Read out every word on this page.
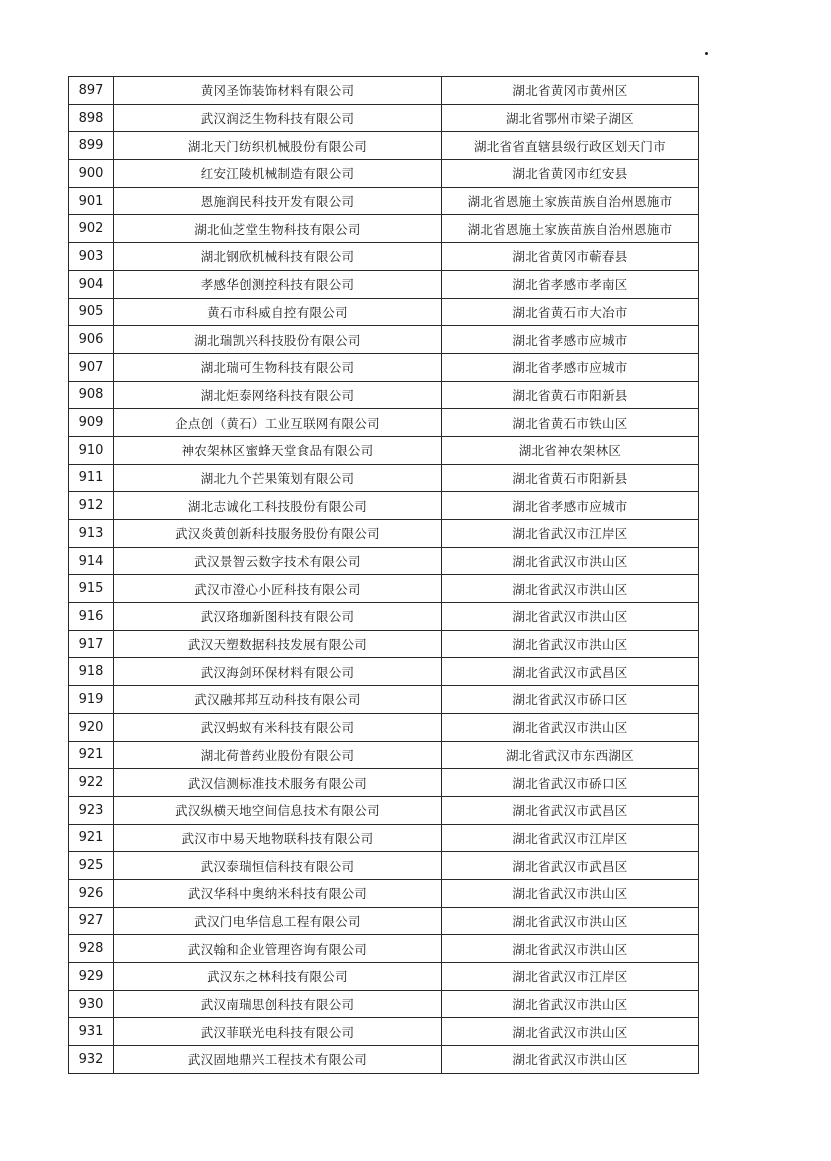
897	黄冈圣饰装饰材料有限公司	湖北省黄冈市黄州区
898	武汉润泛生物科技有限公司	湖北省鄂州市梁子湖区
899	湖北天门纺织机械股份有限公司	湖北省省直辖县级行政区划天门市
900	红安江陵机械制造有限公司	湖北省黄冈市红安县
901	恩施润民科技开发有限公司	湖北省恩施土家族苗族自治州恩施市
902	湖北仙芝堂生物科技有限公司	湖北省恩施土家族苗族自治州恩施市
903	湖北钢欣机械科技有限公司	湖北省黄冈市蕲春县
904	孝感华创测控科技有限公司	湖北省孝感市孝南区
905	黄石市科威自控有限公司	湖北省黄石市大冶市
906	湖北瑞凯兴科技股份有限公司	湖北省孝感市应城市
907	湖北瑞可生物科技有限公司	湖北省孝感市应城市
908	湖北炬泰网络科技有限公司	湖北省黄石市阳新县
909	企点创（黄石）工业互联网有限公司	湖北省黄石市铁山区
910	神农架林区蜜蜂天堂食品有限公司	湖北省神农架林区
911	湖北九个芒果策划有限公司	湖北省黄石市阳新县
912	湖北志诚化工科技股份有限公司	湖北省孝感市应城市
913	武汉炎黄创新科技服务股份有限公司	湖北省武汉市江岸区
914	武汉景智云数字技术有限公司	湖北省武汉市洪山区
915	武汉市澄心小匠科技有限公司	湖北省武汉市洪山区
916	武汉珞珈新图科技有限公司	湖北省武汉市洪山区
917	武汉天塑数据科技发展有限公司	湖北省武汉市洪山区
918	武汉海剑环保材料有限公司	湖北省武汉市武昌区
919	武汉融邦邦互动科技有限公司	湖北省武汉市硚口区
920	武汉蚂蚁有米科技有限公司	湖北省武汉市洪山区
921	湖北荷普药业股份有限公司	湖北省武汉市东西湖区
922	武汉信测标准技术服务有限公司	湖北省武汉市硚口区
923	武汉纵横天地空间信息技术有限公司	湖北省武汉市武昌区
921	武汉市中易天地物联科技有限公司	湖北省武汉市江岸区
925	武汉泰瑞恒信科技有限公司	湖北省武汉市武昌区
926	武汉华科中奥纳米科技有限公司	湖北省武汉市洪山区
927	武汉门电华信息工程有限公司	湖北省武汉市洪山区
928	武汉翰和企业管理咨询有限公司	湖北省武汉市洪山区
929	武汉东之林科技有限公司	湖北省武汉市江岸区
930	武汉南瑞思创科技有限公司	湖北省武汉市洪山区
931	武汉菲联光电科技有限公司	湖北省武汉市洪山区
932	武汉固地鼎兴工程技术有限公司	湖北省武汉市洪山区
